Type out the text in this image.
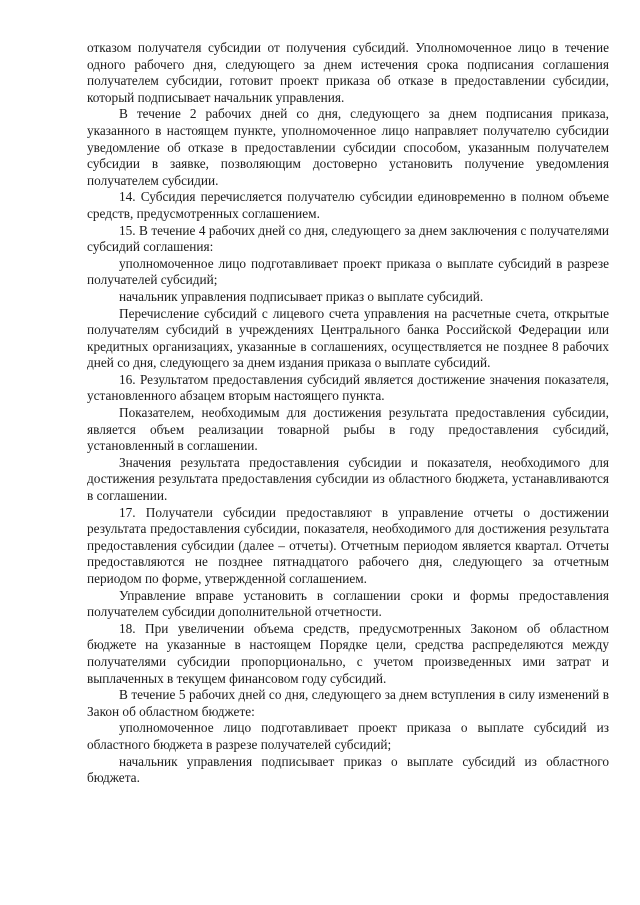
отказом получателя субсидии от получения субсидий. Уполномоченное лицо в течение одного рабочего дня, следующего за днем истечения срока подписания соглашения получателем субсидии, готовит проект приказа об отказе в предоставлении субсидии, который подписывает начальник управления.

В течение 2 рабочих дней со дня, следующего за днем подписания приказа, указанного в настоящем пункте, уполномоченное лицо направляет получателю субсидии уведомление об отказе в предоставлении субсидии способом, указанным получателем субсидии в заявке, позволяющим достоверно установить получение уведомления получателем субсидии.

14. Субсидия перечисляется получателю субсидии единовременно в полном объеме средств, предусмотренных соглашением.

15. В течение 4 рабочих дней со дня, следующего за днем заключения с получателями субсидий соглашения:

уполномоченное лицо подготавливает проект приказа о выплате субсидий в разрезе получателей субсидий;

начальник управления подписывает приказ о выплате субсидий.

Перечисление субсидий с лицевого счета управления на расчетные счета, открытые получателям субсидий в учреждениях Центрального банка Российской Федерации или кредитных организациях, указанные в соглашениях, осуществляется не позднее 8 рабочих дней со дня, следующего за днем издания приказа о выплате субсидий.

16. Результатом предоставления субсидий является достижение значения показателя, установленного абзацем вторым настоящего пункта.

Показателем, необходимым для достижения результата предоставления субсидии, является объем реализации товарной рыбы в году предоставления субсидий, установленный в соглашении.

Значения результата предоставления субсидии и показателя, необходимого для достижения результата предоставления субсидии из областного бюджета, устанавливаются в соглашении.

17. Получатели субсидии предоставляют в управление отчеты о достижении результата предоставления субсидии, показателя, необходимого для достижения результата предоставления субсидии (далее – отчеты). Отчетным периодом является квартал. Отчеты предоставляются не позднее пятнадцатого рабочего дня, следующего за отчетным периодом по форме, утвержденной соглашением.

Управление вправе установить в соглашении сроки и формы предоставления получателем субсидии дополнительной отчетности.

18. При увеличении объема средств, предусмотренных Законом об областном бюджете на указанные в настоящем Порядке цели, средства распределяются между получателями субсидии пропорционально, с учетом произведенных ими затрат и выплаченных в текущем финансовом году субсидий.

В течение 5 рабочих дней со дня, следующего за днем вступления в силу изменений в Закон об областном бюджете:

уполномоченное лицо подготавливает проект приказа о выплате субсидий из областного бюджета в разрезе получателей субсидий;

начальник управления подписывает приказ о выплате субсидий из областного бюджета.
